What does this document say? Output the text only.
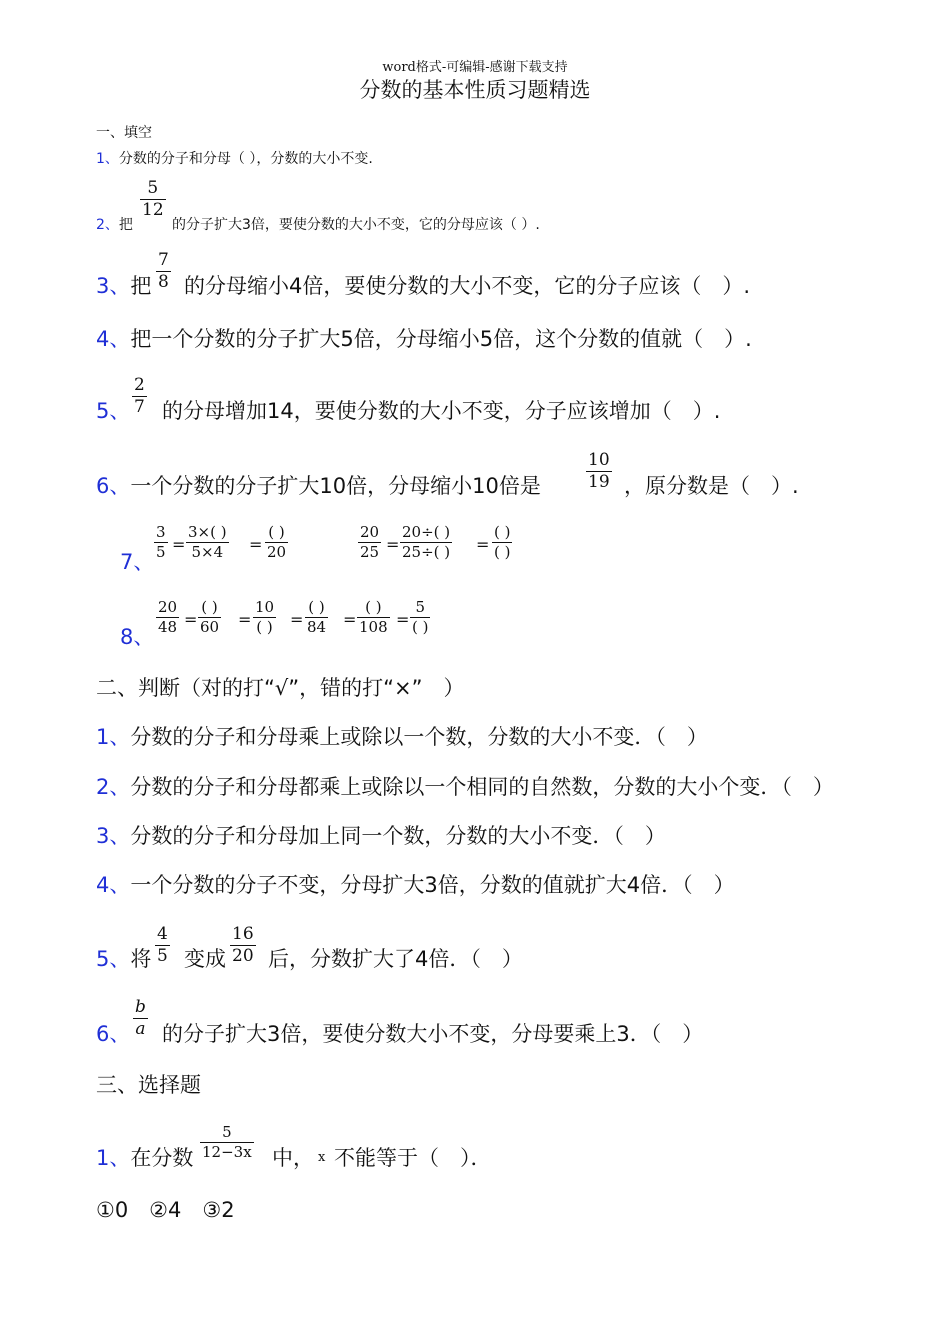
word格式-可编辑-感谢下载支持
分数的基本性质习题精选
一、填空
1、分数的分子和分母（ ），分数的大小不变.
2、把
5
12
的分子扩大3倍，要使分数的大小不变，它的分母应该（ ）.
3、把
7
8 的分母缩小4倍，要使分数的大小不变，它的分子应该（　）.
4、把一个分数的分子扩大5倍，分母缩小5倍，这个分数的值就（　）.
5、
2
7 的分母增加14，要使分数的大小不变，分子应该增加（　）.
6、一个分数的分子扩大10倍，分母缩小10倍是
10
19 ，原分数是（　）.
7、
3
5 =
3×( )
5×4 =
( )
20
20
25 =
20÷( )
25÷( ) =
( )
( )
8、
20
48 =
( )
60 =
10
( ) =
( )
84 =
( )
108 =
5
( )
二、判断（对的打“√”，错的打“×”　）
1、分数的分子和分母乘上或除以一个数，分数的大小不变．（　）
2、分数的分子和分母都乘上或除以一个相同的自然数，分数的大小个变．（　）
3、分数的分子和分母加上同一个数，分数的大小不变．（　）
4、一个分数的分子不变，分母扩大3倍，分数的值就扩大4倍．（　）
5、将
4
5 变成
16
20 后，分数扩大了4倍．（　）
6、
b
a 的分子扩大3倍，要使分数大小不变，分母要乘上3．（　）
三、选择题
1、在分数
5
12−3x 中， x 不能等于（　）．
①0　②4　③2
